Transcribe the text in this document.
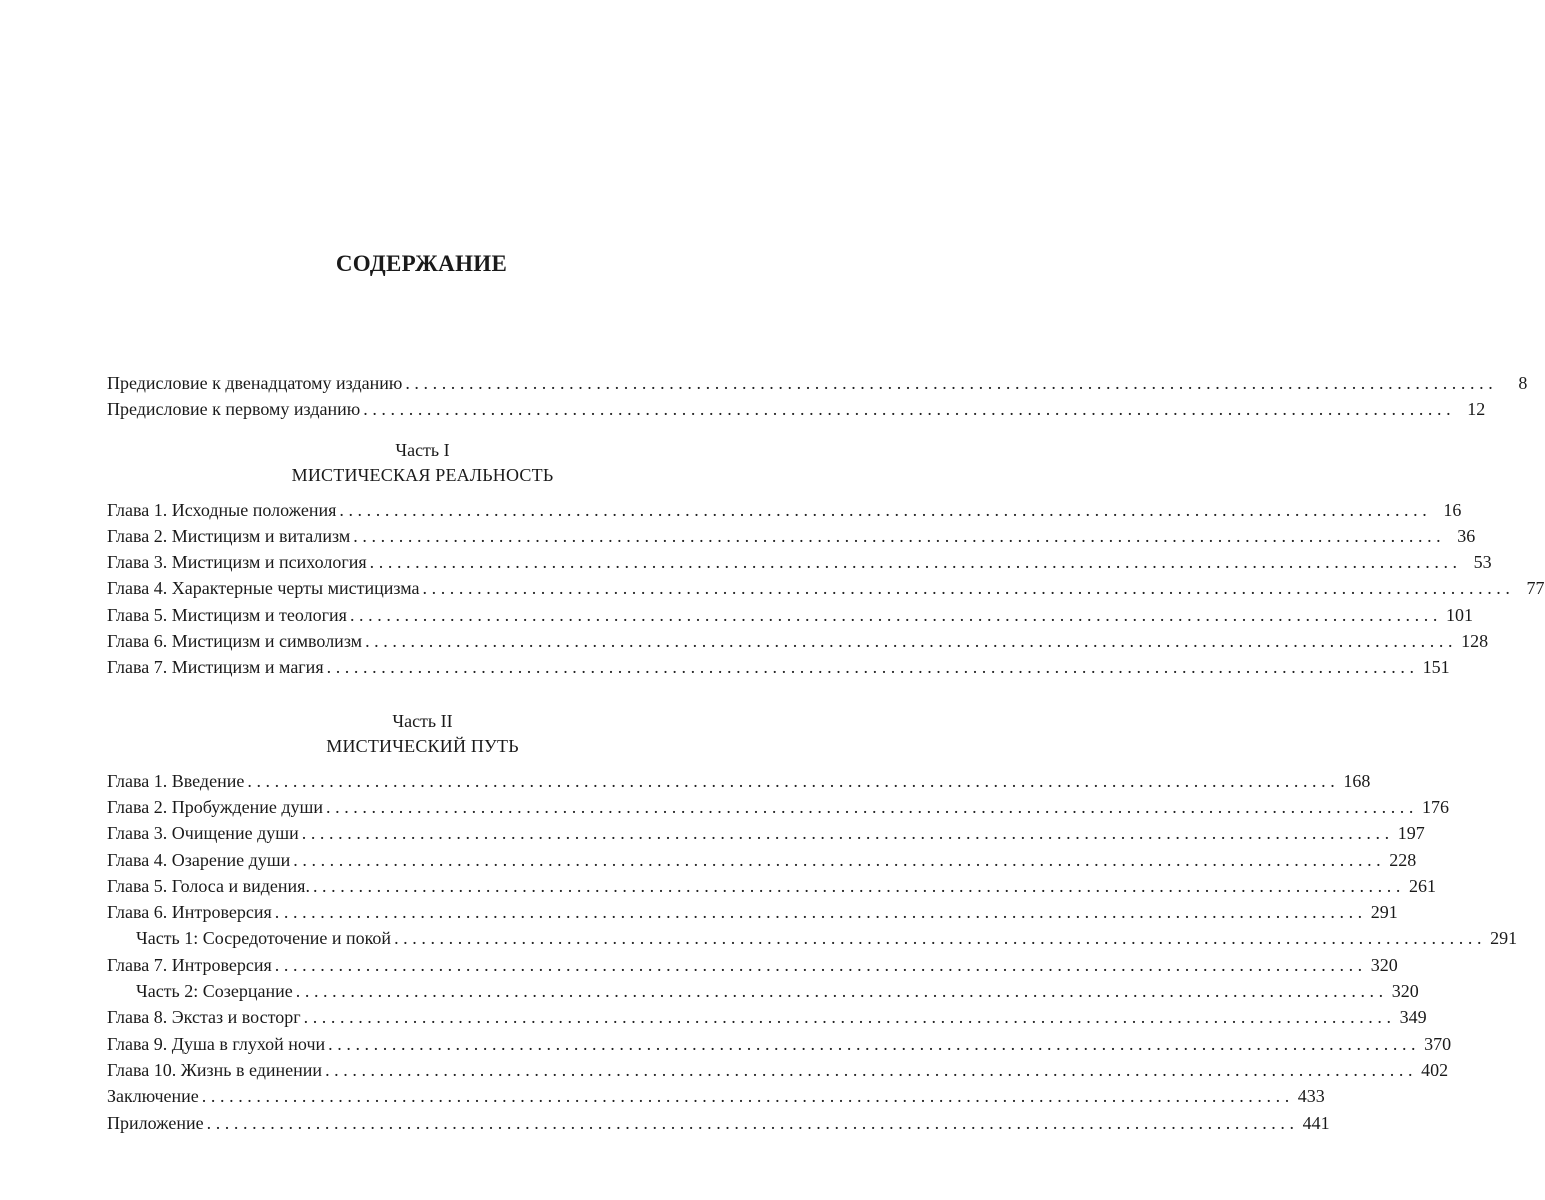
СОДЕРЖАНИЕ
Предисловие к двенадцатому изданию ........................................................................................................................	8
Предисловие к первому изданию ........................................................................................................................ 12
Часть I
МИСТИЧЕСКАЯ РЕАЛЬНОСТЬ
Глава 1. Исходные положения ........................................................................................................................ 16
Глава 2. Мистицизм и витализм ........................................................................................................................ 36
Глава 3. Мистицизм и психология ........................................................................................................................ 53
Глава 4. Характерные черты мистицизма ........................................................................................................................ 77
Глава 5. Мистицизм и теология ........................................................................................................................ 101
Глава 6. Мистицизм и символизм ........................................................................................................................ 128
Глава 7. Мистицизм и магия ........................................................................................................................ 151
Часть II
МИСТИЧЕСКИЙ ПУТЬ
Глава 1. Введение ........................................................................................................................ 168
Глава 2. Пробуждение души ........................................................................................................................ 176
Глава 3. Очищение души ........................................................................................................................ 197
Глава 4. Озарение души ........................................................................................................................ 228
Глава 5. Голоса и видения. ........................................................................................................................ 261
Глава 6. Интроверсия ........................................................................................................................ 291
Часть 1: Сосредоточение и покой ........................................................................................................................ 291
Глава 7. Интроверсия ........................................................................................................................ 320
Часть 2: Созерцание ........................................................................................................................ 320
Глава 8. Экстаз и восторг ........................................................................................................................ 349
Глава 9. Душа в глухой ночи ........................................................................................................................ 370
Глава 10. Жизнь в единении ........................................................................................................................ 402
Заключение ........................................................................................................................ 433
Приложение ........................................................................................................................ 441
